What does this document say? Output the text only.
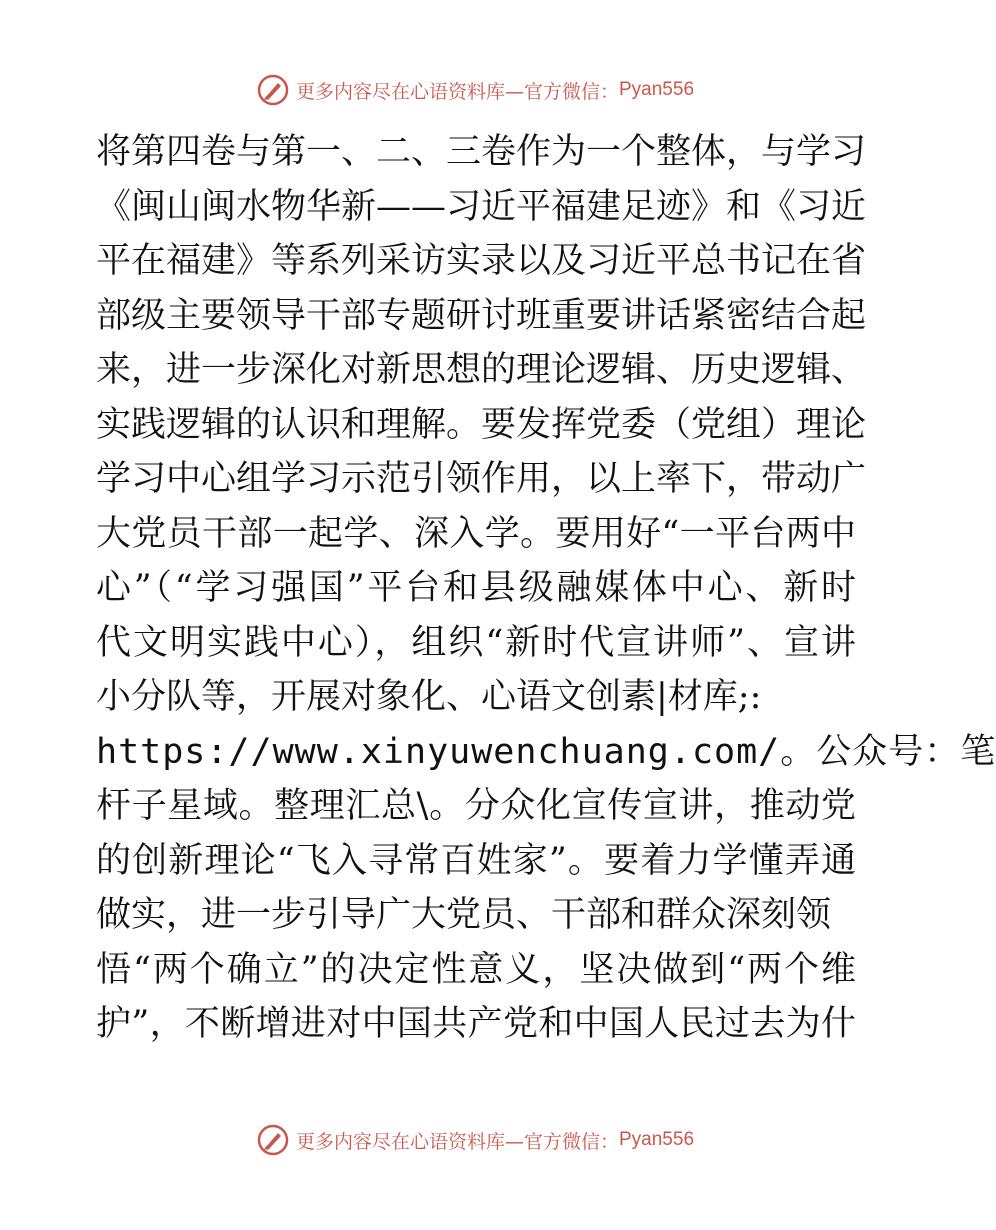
更多内容尽在心语资料库—官方微信： Pyan556
将第四卷与第一、二、三卷作为一个整体，与学习
《闽山闽水物华新——习近平福建足迹》和《习近
平在福建》等系列采访实录以及习近平总书记在省
部级主要领导干部专题研讨班重要讲话紧密结合起
来，进一步深化对新思想的理论逻辑、历史逻辑、
实践逻辑的认识和理解。要发挥党委（党组）理论
学习中心组学习示范引领作用，以上率下，带动广
大党员干部一起学、深入学。要用好“一平台两中
心”（“学习强国”平台和县级融媒体中心、新时
代文明实践中心），组织“新时代宣讲师”、宣讲
小分队等，开展对象化、心语文创素|材库;:
https://www.xinyuwenchuang.com/。公众号：笔
杆子星域。整理汇总\。分众化宣传宣讲，推动党
的创新理论“飞入寻常百姓家”。要着力学懂弄通
做实，进一步引导广大党员、干部和群众深刻领
悟“两个确立”的决定性意义，坚决做到“两个维
护”，不断增进对中国共产党和中国人民过去为什
更多内容尽在心语资料库—官方微信： Pyan556
